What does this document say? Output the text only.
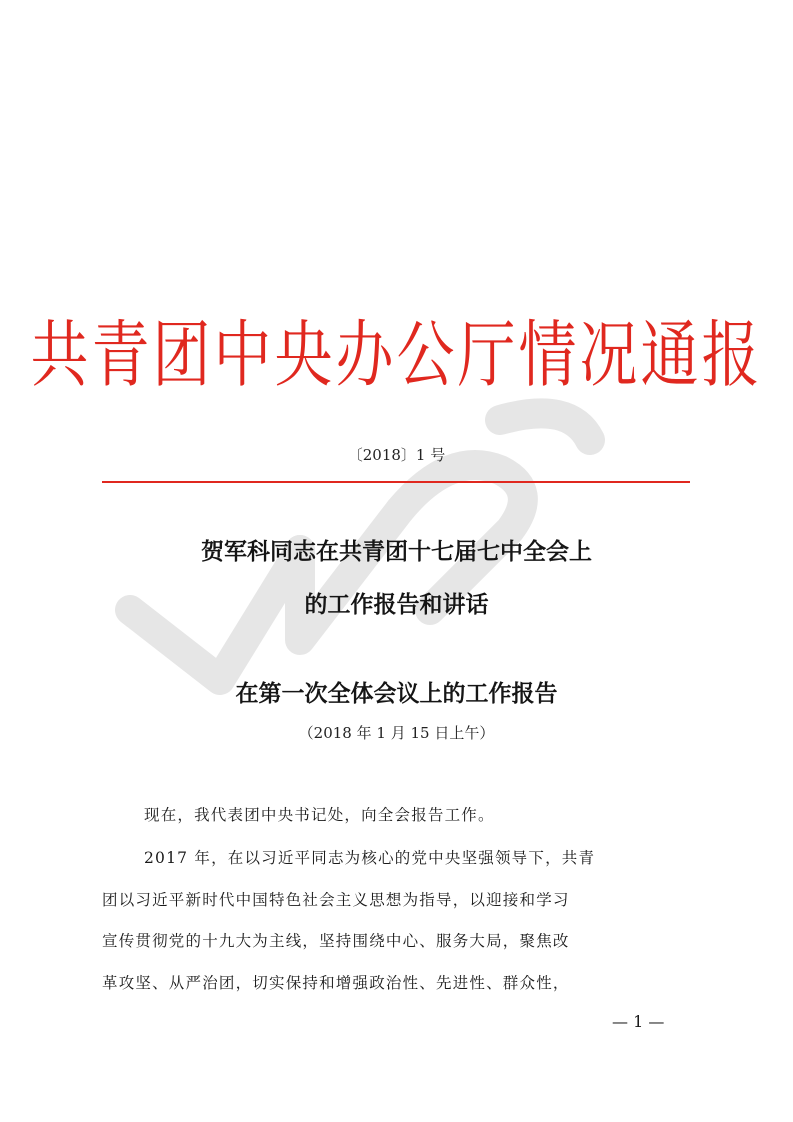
共青团中央办公厅情况通报
〔2018〕1 号
贺军科同志在共青团十七届七中全会上
的工作报告和讲话
在第一次全体会议上的工作报告
（2018 年 1 月 15 日上午）
现在，我代表团中央书记处，向全会报告工作。
2017 年，在以习近平同志为核心的党中央坚强领导下，共青
团以习近平新时代中国特色社会主义思想为指导，以迎接和学习
宣传贯彻党的十九大为主线，坚持围绕中心、服务大局，聚焦改
革攻坚、从严治团，切实保持和增强政治性、先进性、群众性，
— 1 —
